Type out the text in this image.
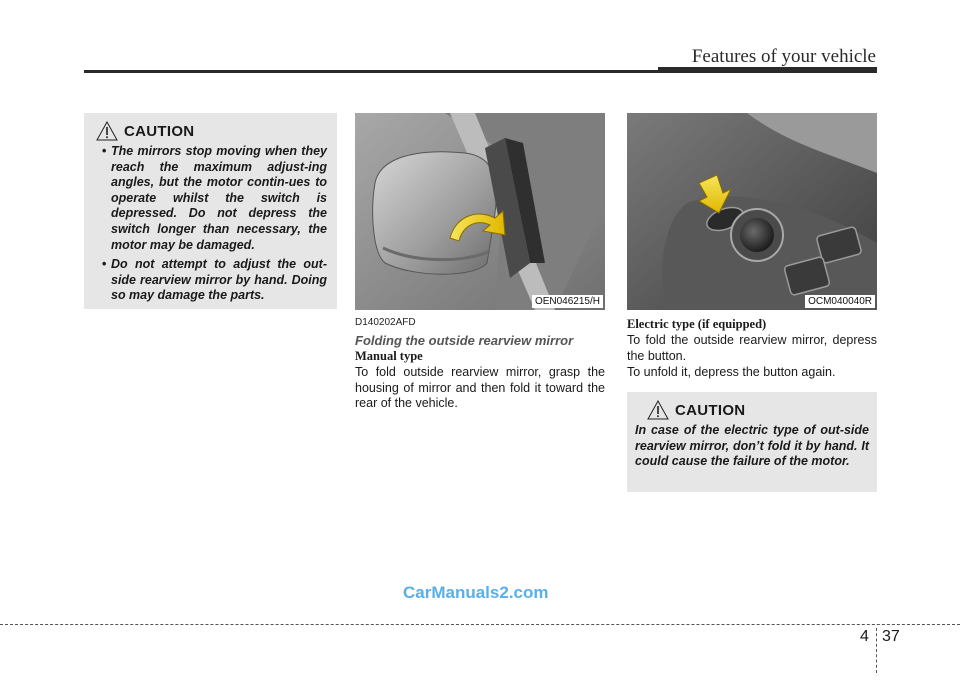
Features of your vehicle
CAUTION
• The mirrors stop moving when they reach the maximum adjust-ing angles, but the motor contin-ues to operate whilst the switch is depressed. Do not depress the switch longer than necessary, the motor may be damaged.
• Do not attempt to adjust the out-side rearview mirror by hand. Doing so may damage the parts.	OEN046215/H	OCM040040R
D140202AFD
Folding the outside rearview mirror
Manual type

To fold outside rearview mirror, grasp the housing of mirror and then fold it toward the rear of the vehicle.

Electric type (if equipped)

To fold the outside rearview mirror, depress the button.

To unfold it, depress the button again.

CAUTION

In case of the electric type of out-side rearview mirror, don’t fold it by hand. It could cause the failure of the motor.

CarManuals2.com
4 37
